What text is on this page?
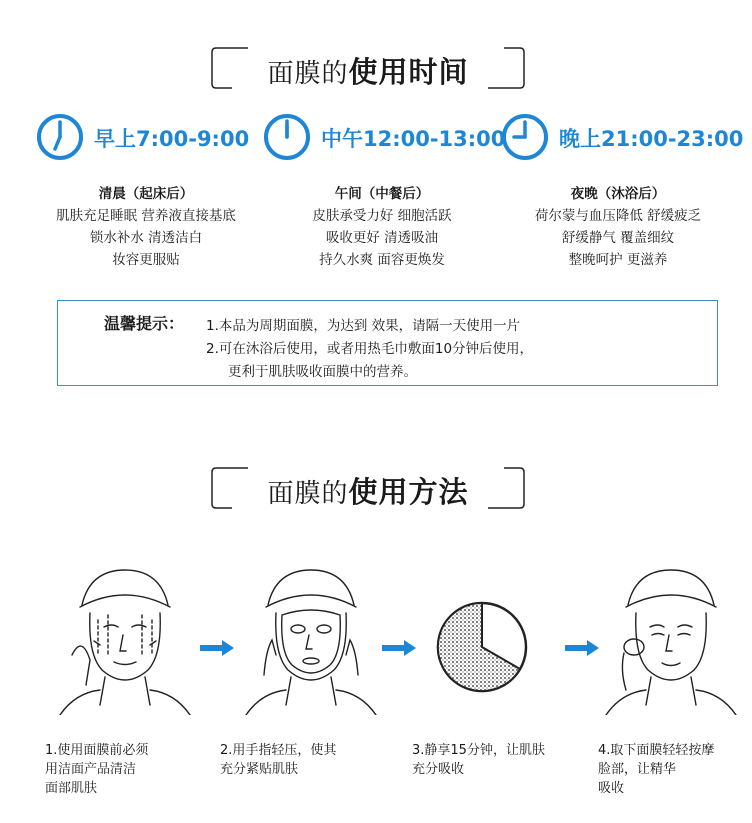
面膜的使用时间
早上7:00-9:00	中午12:00-13:00	晚上21:00-23:00
清晨（起床后）
肌肤充足睡眠 营养液直接基底
锁水补水 清透洁白
妆容更服贴
午间（中餐后）
皮肤承受力好 细胞活跃
吸收更好 清透吸油
持久水爽 面容更焕发
夜晚（沐浴后）
荷尔蒙与血压降低 舒缓疲乏
舒缓静气 覆盖细纹
整晚呵护 更滋养
温馨提示： 1.本品为周期面膜，为达到 效果，请隔一天使用一片
2.可在沐浴后使用，或者用热毛巾敷面10分钟后使用，
更利于肌肤吸收面膜中的营养。
面膜的使用方法
1.使用面膜前必须
用洁面产品清洁
面部肌肤
2.用手指轻压，使其
充分紧贴肌肤
3.静享15分钟，让肌肤
充分吸收
4.取下面膜轻轻按摩
脸部，让精华
吸收
